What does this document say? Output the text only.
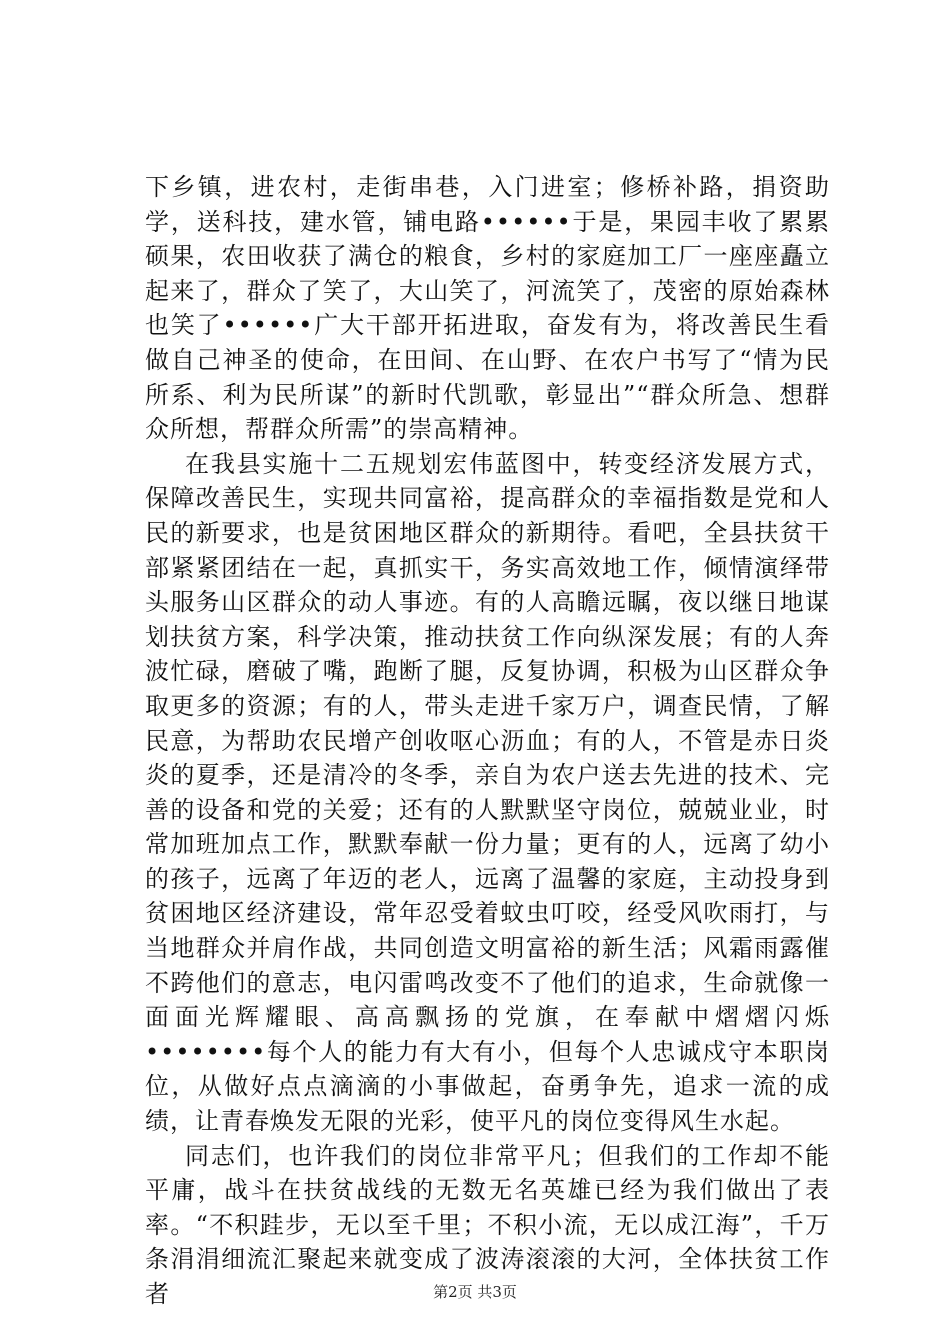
下乡镇，进农村，走街串巷，入门进室；修桥补路，捐资助学，送科技，建水管，铺电路••••••于是，果园丰收了累累硕果，农田收获了满仓的粮食，乡村的家庭加工厂一座座矗立起来了，群众了笑了，大山笑了，河流笑了，茂密的原始森林也笑了••••••广大干部开拓进取，奋发有为，将改善民生看做自己神圣的使命，在田间、在山野、在农户书写了“情为民所系、利为民所谋”的新时代凯歌，彰显出”“群众所急、想群众所想，帮群众所需”的崇高精神。

在我县实施十二五规划宏伟蓝图中，转变经济发展方式，保障改善民生，实现共同富裕，提高群众的幸福指数是党和人民的新要求，也是贫困地区群众的新期待。看吧，全县扶贫干部紧紧团结在一起，真抓实干，务实高效地工作，倾情演绎带头服务山区群众的动人事迹。有的人高瞻远瞩，夜以继日地谋划扶贫方案，科学决策，推动扶贫工作向纵深发展；有的人奔波忙碌，磨破了嘴，跑断了腿，反复协调，积极为山区群众争取更多的资源；有的人，带头走进千家万户，调查民情，了解民意，为帮助农民增产创收呕心沥血；有的人，不管是赤日炎炎的夏季，还是清冷的冬季，亲自为农户送去先进的技术、完善的设备和党的关爱；还有的人默默坚守岗位，兢兢业业，时常加班加点工作，默默奉献一份力量；更有的人，远离了幼小的孩子，远离了年迈的老人，远离了温馨的家庭，主动投身到贫困地区经济建设，常年忍受着蚊虫叮咬，经受风吹雨打，与当地群众并肩作战，共同创造文明富裕的新生活；风霜雨露催不跨他们的意志，电闪雷鸣改变不了他们的追求，生命就像一面面光辉耀眼、高高飘扬的党旗，在奉献中熠熠闪烁••••••••每个人的能力有大有小，但每个人忠诚戍守本职岗位，从做好点点滴滴的小事做起，奋勇争先，追求一流的成绩，让青春焕发无限的光彩，使平凡的岗位变得风生水起。

同志们，也许我们的岗位非常平凡；但我们的工作却不能平庸，战斗在扶贫战线的无数无名英雄已经为我们做出了表率。“不积跬步，无以至千里；不积小流，无以成江海”，千万条涓涓细流汇聚起来就变成了波涛滚滚的大河，全体扶贫工作者	第2页 共3页
